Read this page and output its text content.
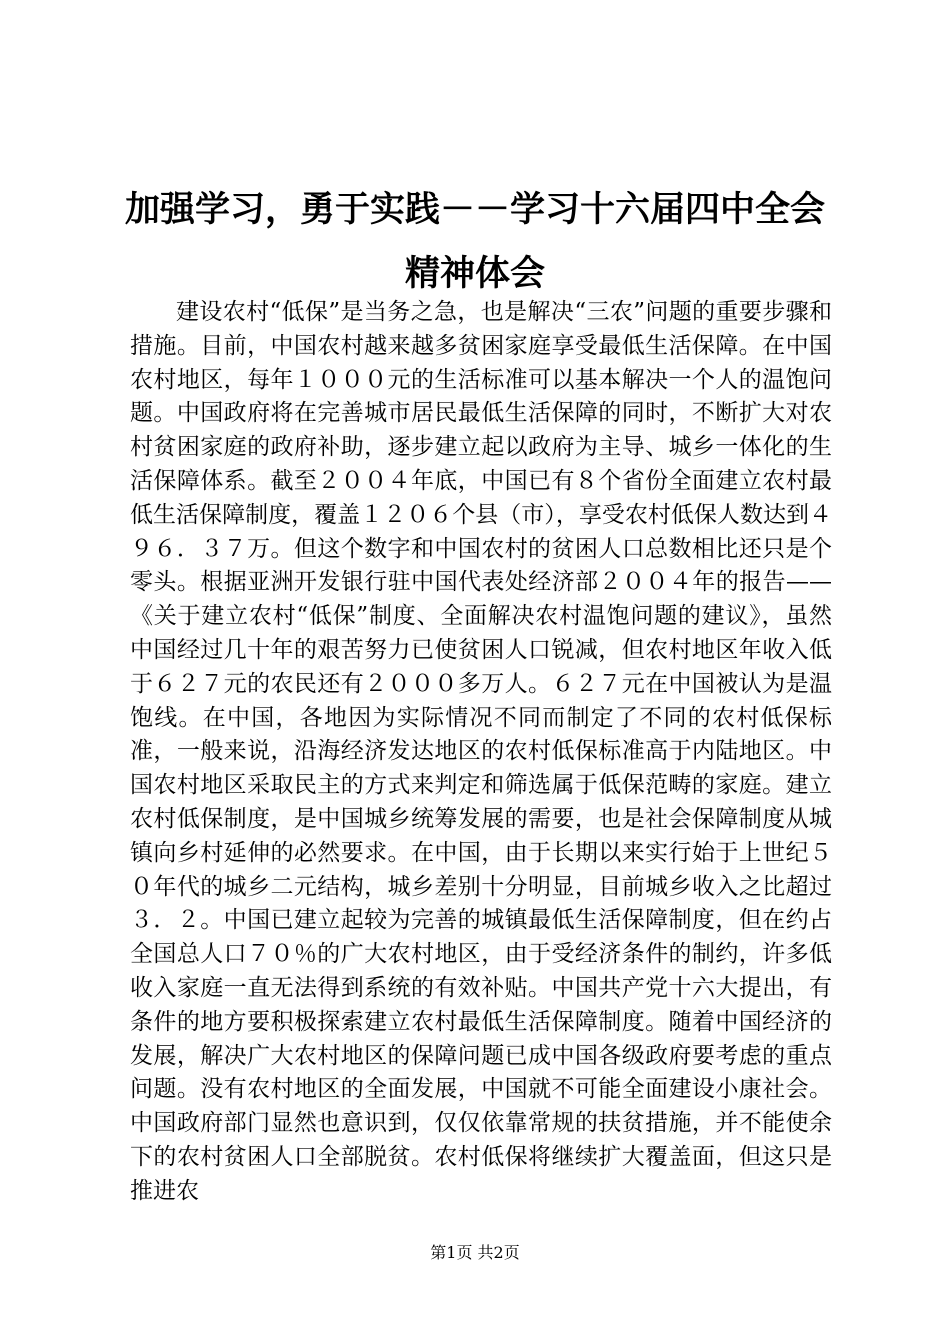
加强学习，勇于实践－－学习十六届四中全会
精神体会

建设农村“低保”是当务之急，也是解决“三农”问题的重要步骤和措施。目前，中国农村越来越多贫困家庭享受最低生活保障。在中国农村地区，每年１０００元的生活标准可以基本解决一个人的温饱问题。中国政府将在完善城市居民最低生活保障的同时，不断扩大对农村贫困家庭的政府补助，逐步建立起以政府为主导、城乡一体化的生活保障体系。截至２００４年底，中国已有８个省份全面建立农村最低生活保障制度，覆盖１２０６个县（市），享受农村低保人数达到４９６．３７万。但这个数字和中国农村的贫困人口总数相比还只是个零头。根据亚洲开发银行驻中国代表处经济部２００４年的报告——《关于建立农村“低保”制度、全面解决农村温饱问题的建议》，虽然中国经过几十年的艰苦努力已使贫困人口锐减，但农村地区年收入低于６２７元的农民还有２０００多万人。６２７元在中国被认为是温饱线。在中国，各地因为实际情况不同而制定了不同的农村低保标准，一般来说，沿海经济发达地区的农村低保标准高于内陆地区。中国农村地区采取民主的方式来判定和筛选属于低保范畴的家庭。建立农村低保制度，是中国城乡统筹发展的需要，也是社会保障制度从城镇向乡村延伸的必然要求。在中国，由于长期以来实行始于上世纪５０年代的城乡二元结构，城乡差别十分明显，目前城乡收入之比超过３．２。中国已建立起较为完善的城镇最低生活保障制度，但在约占全国总人口７０％的广大农村地区，由于受经济条件的制约，许多低收入家庭一直无法得到系统的有效补贴。中国共产党十六大提出，有条件的地方要积极探索建立农村最低生活保障制度。随着中国经济的发展，解决广大农村地区的保障问题已成中国各级政府要考虑的重点问题。没有农村地区的全面发展，中国就不可能全面建设小康社会。中国政府部门显然也意识到，仅仅依靠常规的扶贫措施，并不能使余下的农村贫困人口全部脱贫。农村低保将继续扩大覆盖面，但这只是推进农

第1页 共2页
